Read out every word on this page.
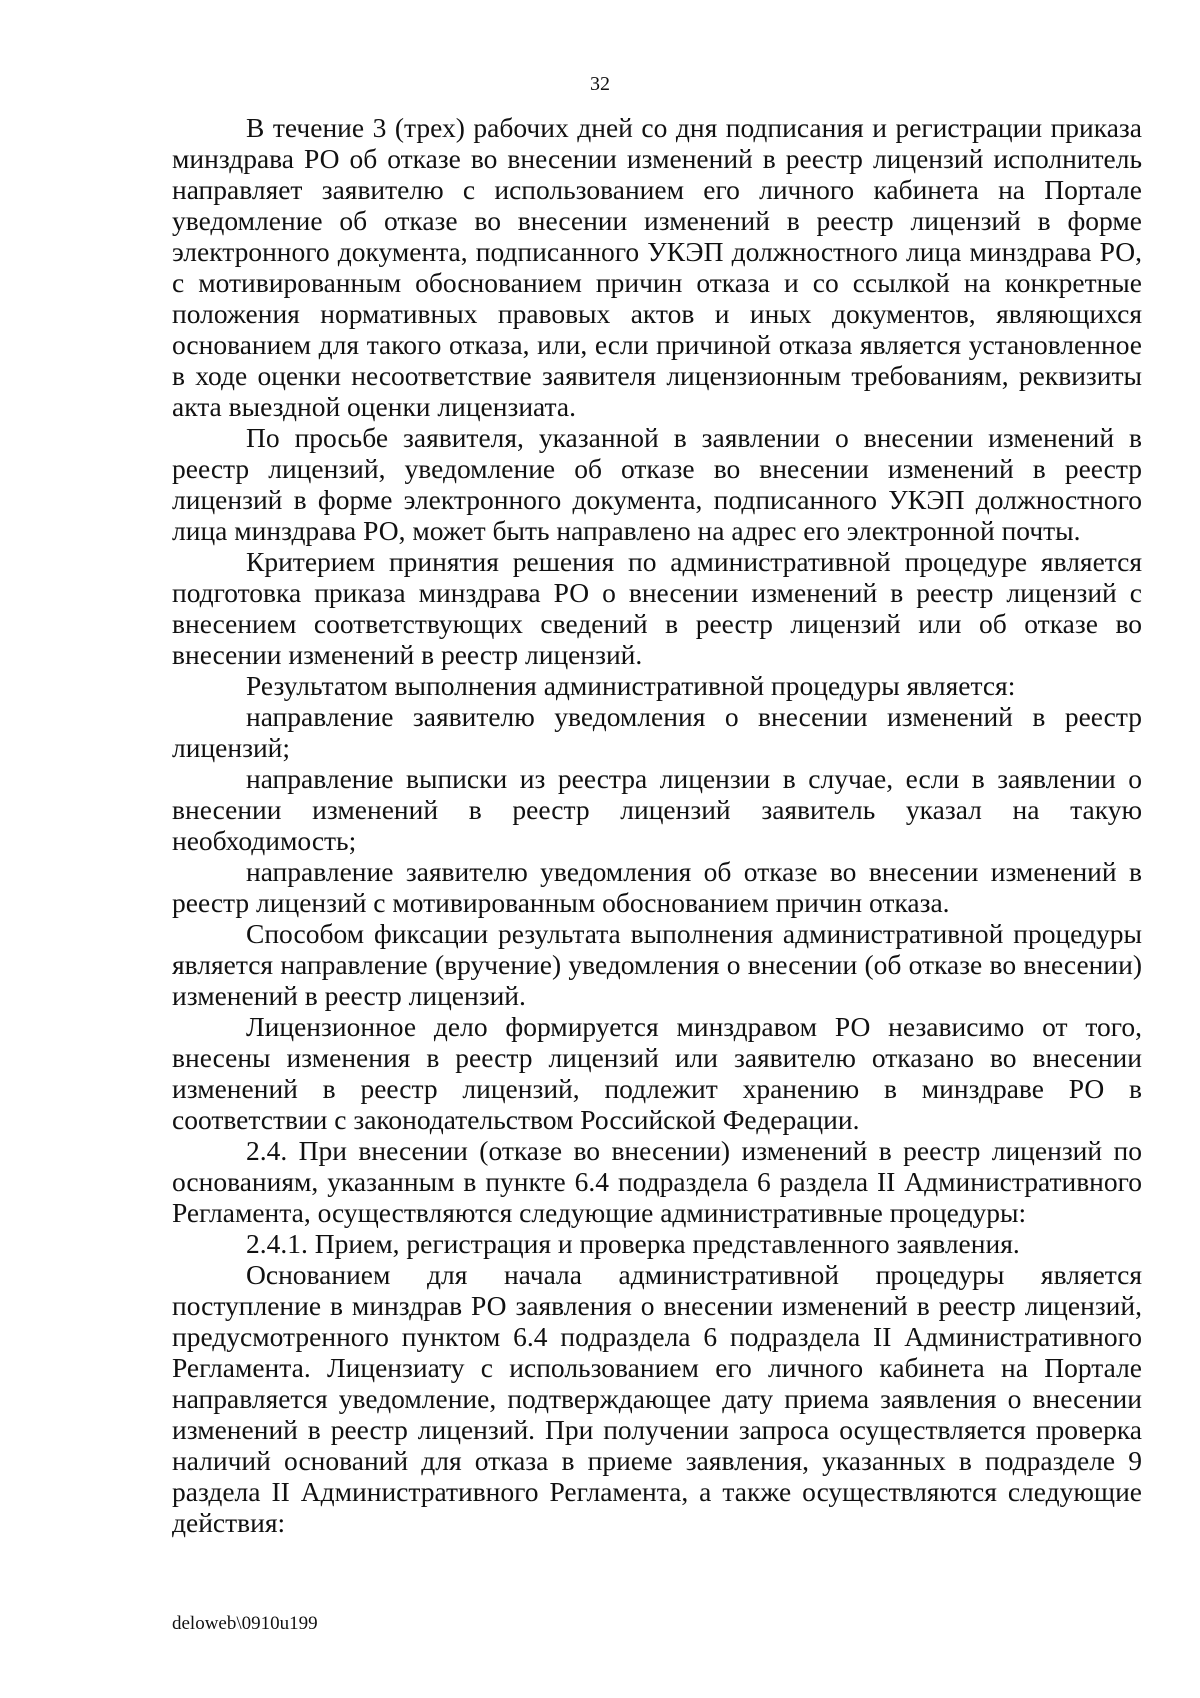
32

В течение 3 (трех) рабочих дней со дня подписания и регистрации приказа минздрава РО об отказе во внесении изменений в реестр лицензий исполнитель направляет заявителю с использованием его личного кабинета на Портале уведомление об отказе во внесении изменений в реестр лицензий в форме электронного документа, подписанного УКЭП должностного лица минздрава РО, с мотивированным обоснованием причин отказа и со ссылкой на конкретные положения нормативных правовых актов и иных документов, являющихся основанием для такого отказа, или, если причиной отказа является установленное в ходе оценки несоответствие заявителя лицензионным требованиям, реквизиты акта выездной оценки лицензиата.

По просьбе заявителя, указанной в заявлении о внесении изменений в реестр лицензий, уведомление об отказе во внесении изменений в реестр лицензий в форме электронного документа, подписанного УКЭП должностного лица минздрава РО, может быть направлено на адрес его электронной почты.

Критерием принятия решения по административной процедуре является подготовка приказа минздрава РО о внесении изменений в реестр лицензий с внесением соответствующих сведений в реестр лицензий или об отказе во внесении изменений в реестр лицензий.

Результатом выполнения административной процедуры является:

направление заявителю уведомления о внесении изменений в реестр лицензий;

направление выписки из реестра лицензии в случае, если в заявлении о внесении изменений в реестр лицензий заявитель указал на такую необходимость;

направление заявителю уведомления об отказе во внесении изменений в реестр лицензий с мотивированным обоснованием причин отказа.

Способом фиксации результата выполнения административной процедуры является направление (вручение) уведомления о внесении (об отказе во внесении) изменений в реестр лицензий.

Лицензионное дело формируется минздравом РО независимо от того, внесены изменения в реестр лицензий или заявителю отказано во внесении изменений в реестр лицензий, подлежит хранению в минздраве РО в соответствии с законодательством Российской Федерации.

2.4. При внесении (отказе во внесении) изменений в реестр лицензий по основаниям, указанным в пункте 6.4 подраздела 6 раздела II Административного Регламента, осуществляются следующие административные процедуры:

2.4.1. Прием, регистрация и проверка представленного заявления.

Основанием для начала административной процедуры является поступление в минздрав РО заявления о внесении изменений в реестр лицензий, предусмотренного пунктом 6.4 подраздела 6 подраздела II Административного Регламента. Лицензиату с использованием его личного кабинета на Портале направляется уведомление, подтверждающее дату приема заявления о внесении изменений в реестр лицензий. При получении запроса осуществляется проверка наличий оснований для отказа в приеме заявления, указанных в подразделе 9 раздела II Административного Регламента, а также осуществляются следующие действия:

deloweb\0910u199
